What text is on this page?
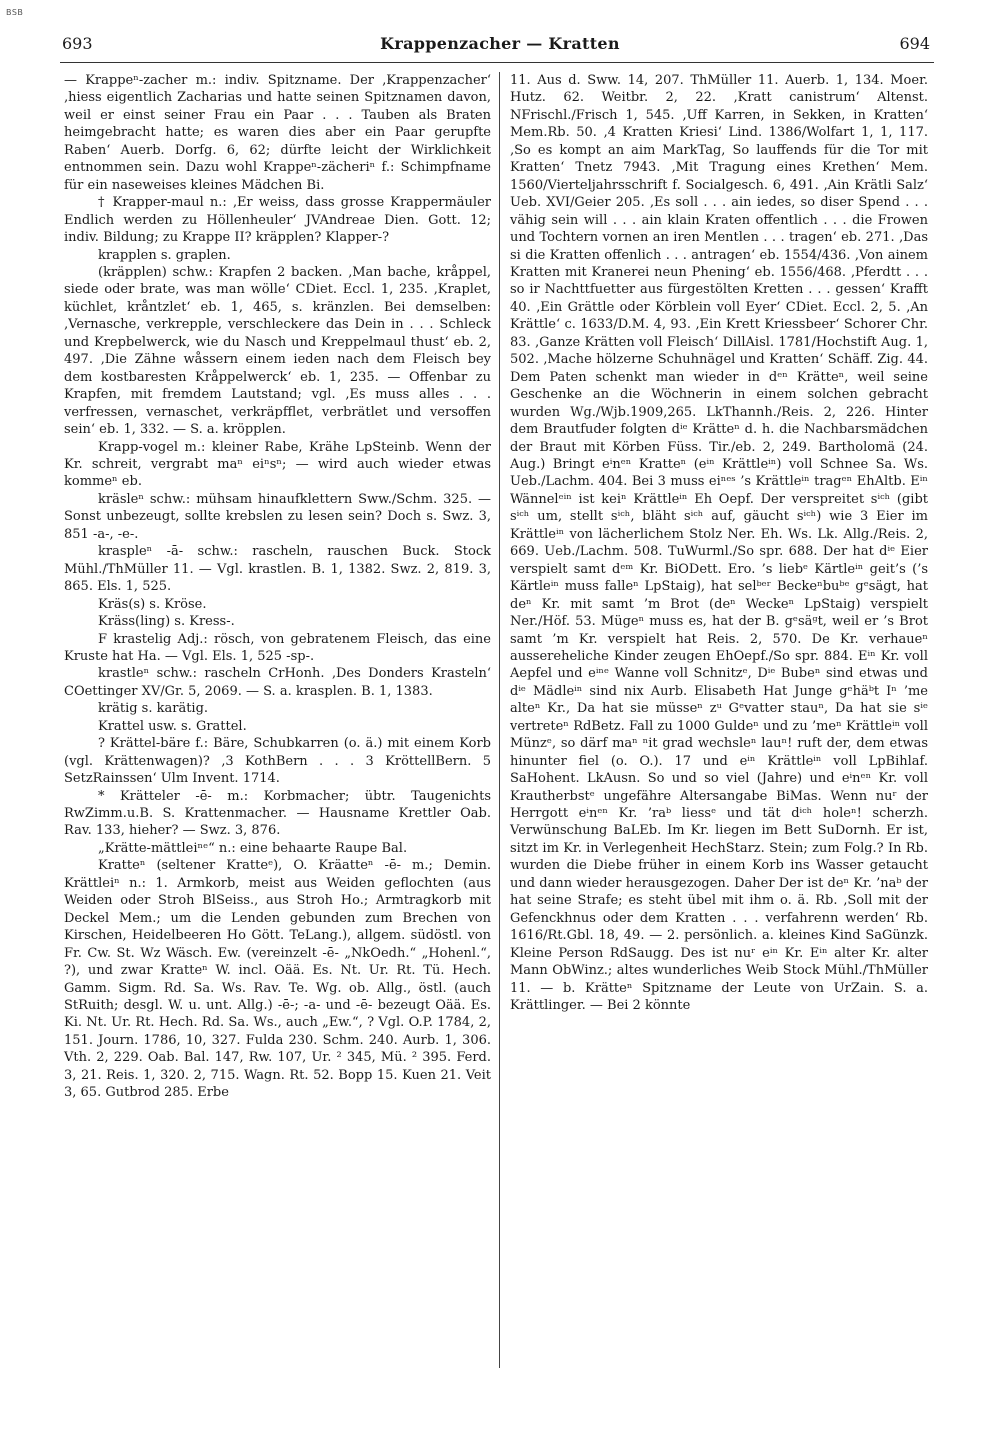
BSB
693	Krappenzacher — Kratten	694

— Krappeⁿ-zacher m.: indiv. Spitzname. Der ‚Krappenzacher‘ ‚hiess eigentlich Zacharias und hatte seinen Spitznamen davon, weil er einst seiner Frau ein Paar . . . Tauben als Braten heimgebracht hatte; es waren dies aber ein Paar gerupfte Raben‘ Auerb. Dorfg. 6, 62; dürfte leicht der Wirklichkeit entnommen sein. Dazu wohl Krappeⁿ-zächeriⁿ f.: Schimpfname für ein naseweises kleines Mädchen Bi.

† Krapper-maul n.: ‚Er weiss, dass grosse Krappermäuler Endlich werden zu Höllenheuler‘ JVAndreae Dien. Gott. 12; indiv. Bildung; zu Krappe II? kräpplen? Klapper-?

krapplen s. graplen.

(kräpplen) schw.: Krapfen 2 backen. ‚Man bache, kråppel, siede oder brate, was man wölle‘ CDiet. Eccl. 1, 235. ‚Kraplet, küchlet, kråntzlet‘ eb. 1, 465, s. kränzlen. Bei demselben: ‚Vernasche, verkrepple, verschleckere das Dein in . . . Schleck und Krepbelwerck, wie du Nasch und Kreppelmaul thust‘ eb. 2, 497. ‚Die Zähne wåssern einem ieden nach dem Fleisch bey dem kostbaresten Kråppelwerck‘ eb. 1, 235. — Offenbar zu Krapfen, mit fremdem Lautstand; vgl. ‚Es muss alles . . . verfressen, vernaschet, verkräpfflet, verbrätlet und versoffen sein‘ eb. 1, 332. — S. a. kröpplen.

Krapp-vogel m.: kleiner Rabe, Krähe LpSteinb. Wenn der Kr. schreit, vergrabt maⁿ eiⁿsⁿ; — wird auch wieder etwas kommeⁿ eb.

kräsleⁿ schw.: mühsam hinaufklettern Sww./Schm. 325. — Sonst unbezeugt, sollte krebslen zu lesen sein? Doch s. Swz. 3, 851 -a-, -e-.

kraspleⁿ -ā- schw.: rascheln, rauschen Buck. Stock Mühl./ThMüller 11. — Vgl. krastlen. B. 1, 1382. Swz. 2, 819. 3, 865. Els. 1, 525.

Kräs(s) s. Kröse.

Kräss(ling) s. Kress-.

F krastelig Adj.: rösch, von gebratenem Fleisch, das eine Kruste hat Ha. — Vgl. Els. 1, 525 -sp-.

krastleⁿ schw.: rascheln CrHonh. ‚Des Donders Krasteln‘ COettinger XV/Gr. 5, 2069. — S. a. krasplen. B. 1, 1383.

krätig s. karätig.

Krattel usw. s. Grattel.

? Krättel-bäre f.: Bäre, Schubkarren (o. ä.) mit einem Korb (vgl. Krättenwagen)? ‚3 KothBern . . . 3 KröttellBern. 5 SetzRainssen‘ Ulm Invent. 1714.

* Krätteler -ē- m.: Korbmacher; übtr. Taugenichts RwZimm.u.B. S. Krattenmacher. — Hausname Krettler Oab. Rav. 133, hieher? — Swz. 3, 876.

„Krätte-mättleiⁿᵉ“ n.: eine behaarte Raupe Bal.

Kratteⁿ (seltener Kratteᵉ), O. Kräatteⁿ -ē- m.; Demin. Krättleiⁿ n.: 1. Armkorb, meist aus Weiden geflochten (aus Weiden oder Stroh BlSeiss., aus Stroh Ho.; Armtragkorb mit Deckel Mem.; um die Lenden gebunden zum Brechen von Kirschen, Heidelbeeren Ho Gött. TeLang.), allgem. südöstl. von Fr. Cw. St. Wz Wäsch. Ew. (vereinzelt -ē- „NkOedh.“ „Hohenl.“, ?), und zwar Kratteⁿ W. incl. Oää. Es. Nt. Ur. Rt. Tü. Hech. Gamm. Sigm. Rd. Sa. Ws. Rav. Te. Wg. ob. Allg., östl. (auch StRuith; desgl. W. u. unt. Allg.) -ē-; -a- und -ē- bezeugt Oää. Es. Ki. Nt. Ur. Rt. Hech. Rd. Sa. Ws., auch „Ew.“, ? Vgl. O.P. 1784, 2, 151. Journ. 1786, 10, 327. Fulda 230. Schm. 240. Aurb. 1, 306. Vth. 2, 229. Oab. Bal. 147, Rw. 107, Ur. ² 345, Mü. ² 395. Ferd. 3, 21. Reis. 1, 320. 2, 715. Wagn. Rt. 52. Bopp 15. Kuen 21. Veit 3, 65. Gutbrod 285. Erbe

11. Aus d. Sww. 14, 207. ThMüller 11. Auerb. 1, 134. Moer. Hutz. 62. Weitbr. 2, 22. ‚Kratt canistrum‘ Altenst. NFrischl./Frisch 1, 545. ‚Uff Karren, in Sekken, in Kratten‘ Mem.Rb. 50. ‚4 Kratten Kriesi‘ Lind. 1386/Wolfart 1, 1, 117. ‚So es kompt an aim MarkTag, So lauffends für die Tor mit Kratten‘ Tnetz 7943. ‚Mit Tragung eines Krethen‘ Mem. 1560/Vierteljahrsschrift f. Socialgesch. 6, 491. ‚Ain Krätli Salz‘ Ueb. XVI/Geier 205. ‚Es soll . . . ain iedes, so diser Spend . . . vähig sein will . . . ain klain Kraten offentlich . . . die Frowen und Tochtern vornen an iren Mentlen . . . tragen‘ eb. 271. ‚Das si die Kratten offenlich . . . antragen‘ eb. 1554/436. ‚Von ainem Kratten mit Kranerei neun Phening‘ eb. 1556/468. ‚Pferdtt . . . so ir Nachttfuetter aus fürgestölten Kretten . . . gessen‘ Krafft 40. ‚Ein Grättle oder Körblein voll Eyer‘ CDiet. Eccl. 2, 5. ‚An Krättle‘ c. 1633/D.M. 4, 93. ‚Ein Krett Kriessbeer‘ Schorer Chr. 83. ‚Ganze Krätten voll Fleisch‘ DillAisl. 1781/Hochstift Aug. 1, 502. ‚Mache hölzerne Schuhnägel und Kratten‘ Schäff. Zig. 44. Dem Paten schenkt man wieder in dᵉⁿ Krätteⁿ, weil seine Geschenke an die Wöchnerin in einem solchen gebracht wurden Wg./Wjb.1909,265. LkThannh./Reis. 2, 226. Hinter dem Brautfuder folgten dⁱᵉ Krätteⁿ d. h. die Nachbarsmädchen der Braut mit Körben Füss. Tir./eb. 2, 249. Bartholomä (24. Aug.) Bringt eⁱnᵉⁿ Kratteⁿ (eⁱⁿ Krättleⁱⁿ) voll Schnee Sa. Ws. Ueb./Lachm. 404. Bei 3 muss eiⁿᵉˢ ’s Krättleⁱⁿ tragᵉⁿ EhAltb. Eⁱⁿ Wännelᵉⁱⁿ ist keiⁿ Krättleⁱⁿ Eh Oepf. Der verspreitet sⁱᶜʰ (gibt sⁱᶜʰ um, stellt sⁱᶜʰ, bläht sⁱᶜʰ auf, gäucht sⁱᶜʰ) wie 3 Eier im Krättleⁱⁿ von lächerlichem Stolz Ner. Eh. Ws. Lk. Allg./Reis. 2, 669. Ueb./Lachm. 508. TuWurml./So spr. 688. Der hat dⁱᵉ Eier verspielt samt dᵉᵐ Kr. BiODett. Ero. ’s liebᵉ Kärtleⁱⁿ geit’s (’s Kärtleⁱⁿ muss falleⁿ LpStaig), hat selᵇᵉʳ Beckeⁿbuᵇᵉ gᵉsägt, hat deⁿ Kr. mit samt ’m Brot (deⁿ Weckeⁿ LpStaig) verspielt Ner./Höf. 53. Mügeⁿ muss es, hat der B. gᵉsäᵍt, weil er ’s Brot samt ’m Kr. verspielt hat Reis. 2, 570. De Kr. verhaueⁿ aussereheliche Kinder zeugen EhOepf./So spr. 884. Eⁱⁿ Kr. voll Aepfel und eⁱⁿᵉ Wanne voll Schnitzᵉ, Dⁱᵉ Bubeⁿ sind etwas und dⁱᵉ Mädleⁱⁿ sind nix Aurb. Elisabeth Hat Junge gᵉhäᵇt Iⁿ ’me alteⁿ Kr., Da hat sie müsseⁿ zᵘ Gᵉvatter stauⁿ, Da hat sie sⁱᵉ vertreteⁿ RdBetz. Fall zu 1000 Guldeⁿ und zu ’meⁿ Krättleⁱⁿ voll Münzᵉ, so därf maⁿ ⁿit grad wechsleⁿ lauⁿ! ruft der, dem etwas hinunter fiel (o. O.). 17 und eⁱⁿ Krättleⁱⁿ voll LpBihlaf. SaHohent. LkAusn. So und so viel (Jahre) und eⁱnᵉⁿ Kr. voll Krautherbstᵉ ungefähre Altersangabe BiMas. Wenn nuʳ der Herrgott eⁱnᵉⁿ Kr. ’raᵇ liessᵉ und tät dⁱᶜʰ holeⁿ! scherzh. Verwünschung BaLEb. Im Kr. liegen im Bett SuDornh. Er ist, sitzt im Kr. in Verlegenheit HechStarz. Stein; zum Folg.? In Rb. wurden die Diebe früher in einem Korb ins Wasser getaucht und dann wieder herausgezogen. Daher Der ist deⁿ Kr. ’naᵇ der hat seine Strafe; es steht übel mit ihm o. ä. Rb. ‚Soll mit der Gefenckhnus oder dem Kratten . . . verfahrenn werden‘ Rb. 1616/Rt.Gbl. 18, 49. — 2. persönlich. a. kleines Kind SaGünzk. Kleine Person RdSaugg. Des ist nuʳ eⁱⁿ Kr. Eⁱⁿ alter Kr. alter Mann ObWinz.; altes wunderliches Weib Stock Mühl./ThMüller 11. — b. Krätteⁿ Spitzname der Leute von UrZain. S. a. Krättlinger. — Bei 2 könnte
